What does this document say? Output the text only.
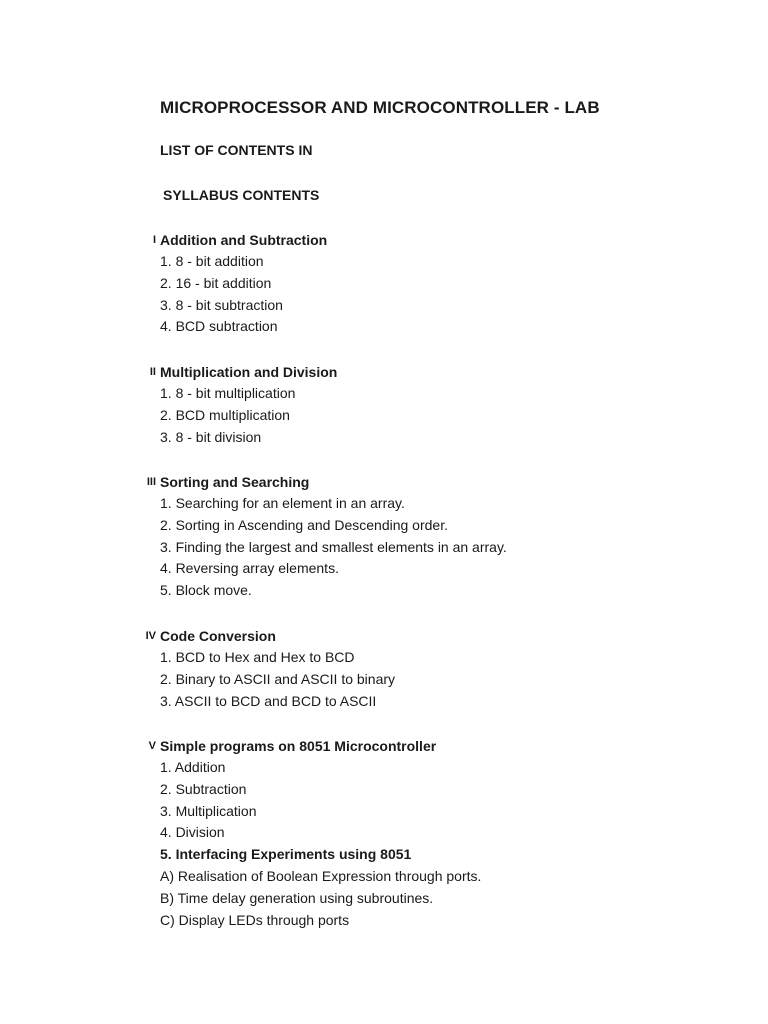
MICROPROCESSOR AND MICROCONTROLLER - LAB
LIST OF CONTENTS IN
SYLLABUS CONTENTS
I Addition and Subtraction
1. 8 - bit addition
2. 16 - bit addition
3. 8 - bit subtraction
4. BCD subtraction
II Multiplication and Division
1. 8 - bit multiplication
2. BCD multiplication
3. 8 - bit division
III Sorting and Searching
1. Searching for an element in an array.
2. Sorting in Ascending and Descending order.
3. Finding the largest and smallest elements in an array.
4. Reversing array elements.
5. Block move.
IV Code Conversion
1. BCD to Hex and Hex to BCD
2. Binary to ASCII and ASCII to binary
3. ASCII to BCD and BCD to ASCII
V Simple programs on 8051 Microcontroller
1. Addition
2. Subtraction
3. Multiplication
4. Division
5. Interfacing Experiments using 8051
A) Realisation of Boolean Expression through ports.
B) Time delay generation using subroutines.
C) Display LEDs through ports
